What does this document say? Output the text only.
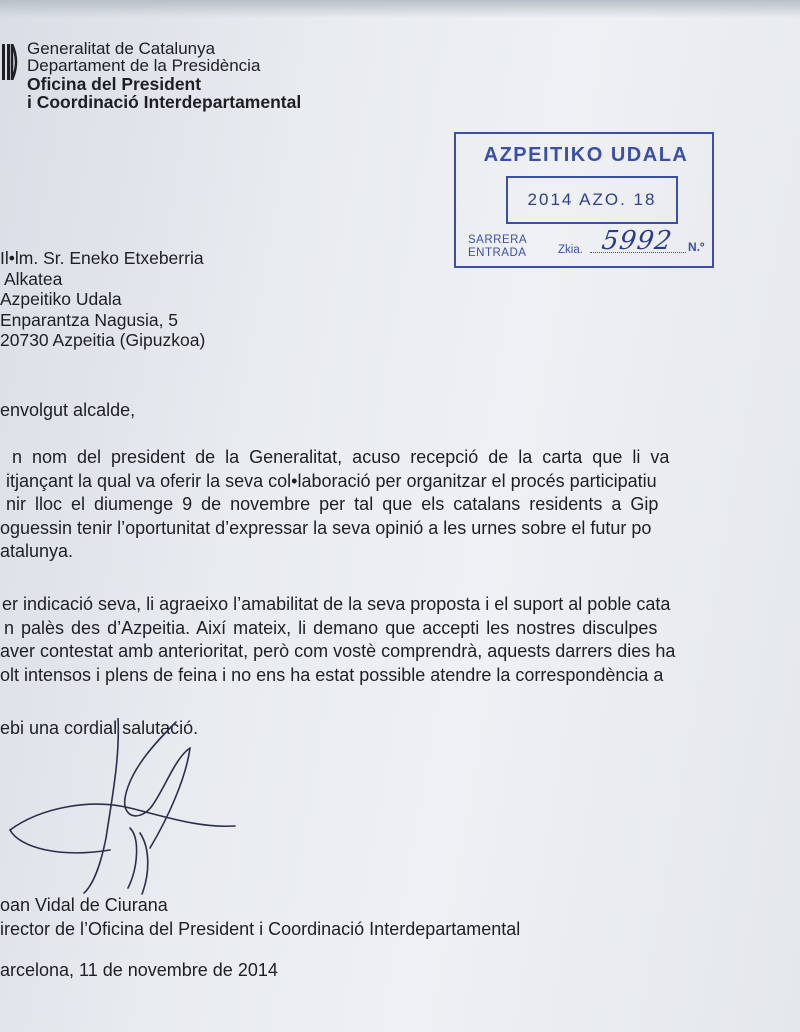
Generalitat de Catalunya
Departament de la Presidència
Oficina del President
i Coordinació Interdepartamental
AZPEITIKO UDALA
2014 AZO. 18
SARRERA
ENTRADA	Zkia. 5992 N.º
Il•lm. Sr. Eneko Etxeberria
Alkatea
Azpeitiko Udala
Enparantza Nagusia, 5
20730 Azpeitia (Gipuzkoa)
envolgut alcalde,
n nom del president de la Generalitat, acuso recepció de la carta que li va
itjançant la qual va oferir la seva col•laboració per organitzar el procés participatiu
nir lloc el diumenge 9 de novembre per tal que els catalans residents a Gip
oguessin tenir l’oportunitat d’expressar la seva opinió a les urnes sobre el futur po
atalunya.
er indicació seva, li agraeixo l’amabilitat de la seva proposta i el suport al poble cata
n palès des d’Azpeitia. Així mateix, li demano que accepti les nostres disculpes
aver contestat amb anterioritat, però com vostè comprendrà, aquests darrers dies ha
olt intensos i plens de feina i no ens ha estat possible atendre la correspondència a
ebi una cordial salutació.
oan Vidal de Ciurana
irector de l’Oficina del President i Coordinació Interdepartamental
arcelona, 11 de novembre de 2014
